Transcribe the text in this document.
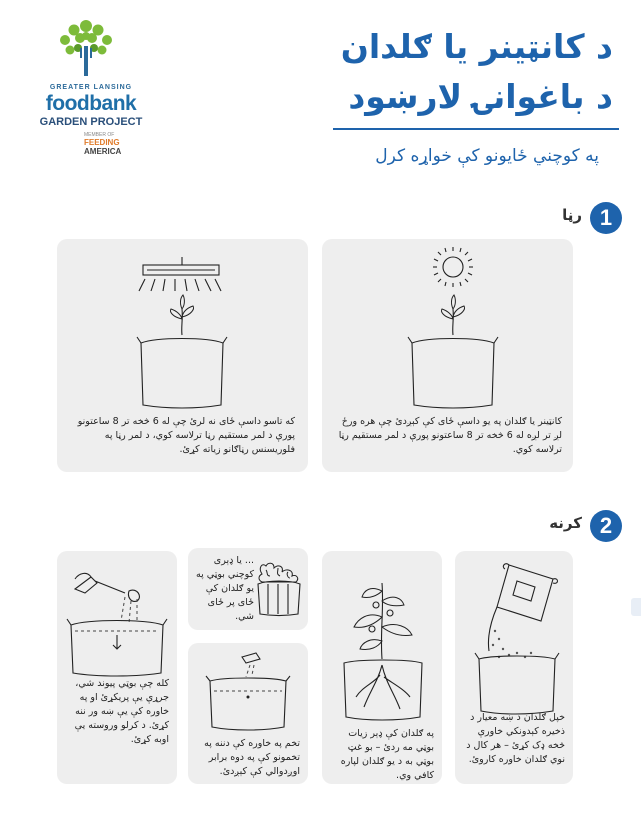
GREATER LANSING
foodbank
GARDEN PROJECT
MEMBER OF
FEEDING
AMERICA
د کانټینر یا ګلدان
د باغوانۍ لارښود
په کوچني ځایونو کې خواړه کرل
1
رڼا
که تاسو داسې ځای نه لرئ چې له 6 څخه تر 8 ساعتونو پورې د لمر مستقیم رڼا ترلاسه کوي، د لمر رڼا په فلوریسنس رڼاګانو زیاته کړئ.
کانټینر یا ګلدان په یو داسې ځای کې کېږدئ چې هره ورځ لږ تر لږه له 6 څخه تر 8 ساعتونو پورې د لمر مستقیم رڼا ترلاسه کوي.
2
کرنه
کله چې بوټي پیوند شي، جرړې یې پریکړئ او په خاوره کې یې ښه ور ننه کړئ. د کرلو وروسته یې اوبه کړئ.
... یا ډېری کوچني بوټي په یو ګلدان کې ځای پر ځای شي.
تخم په خاوره کې دننه په تخمونو کې په دوه برابر اوږدوالي کې کېږدئ.
په ګلدان کې ډېر زیات بوټي مه ردئ – بو غټ بوټي به د یو ګلدان لپاره کافي وي.
خپل ګلدان د ښه معیار د ذخیره کېدونکي خاورې څخه ډک کړئ – هر کال د نوي ګلدان خاوره کاروئ.
